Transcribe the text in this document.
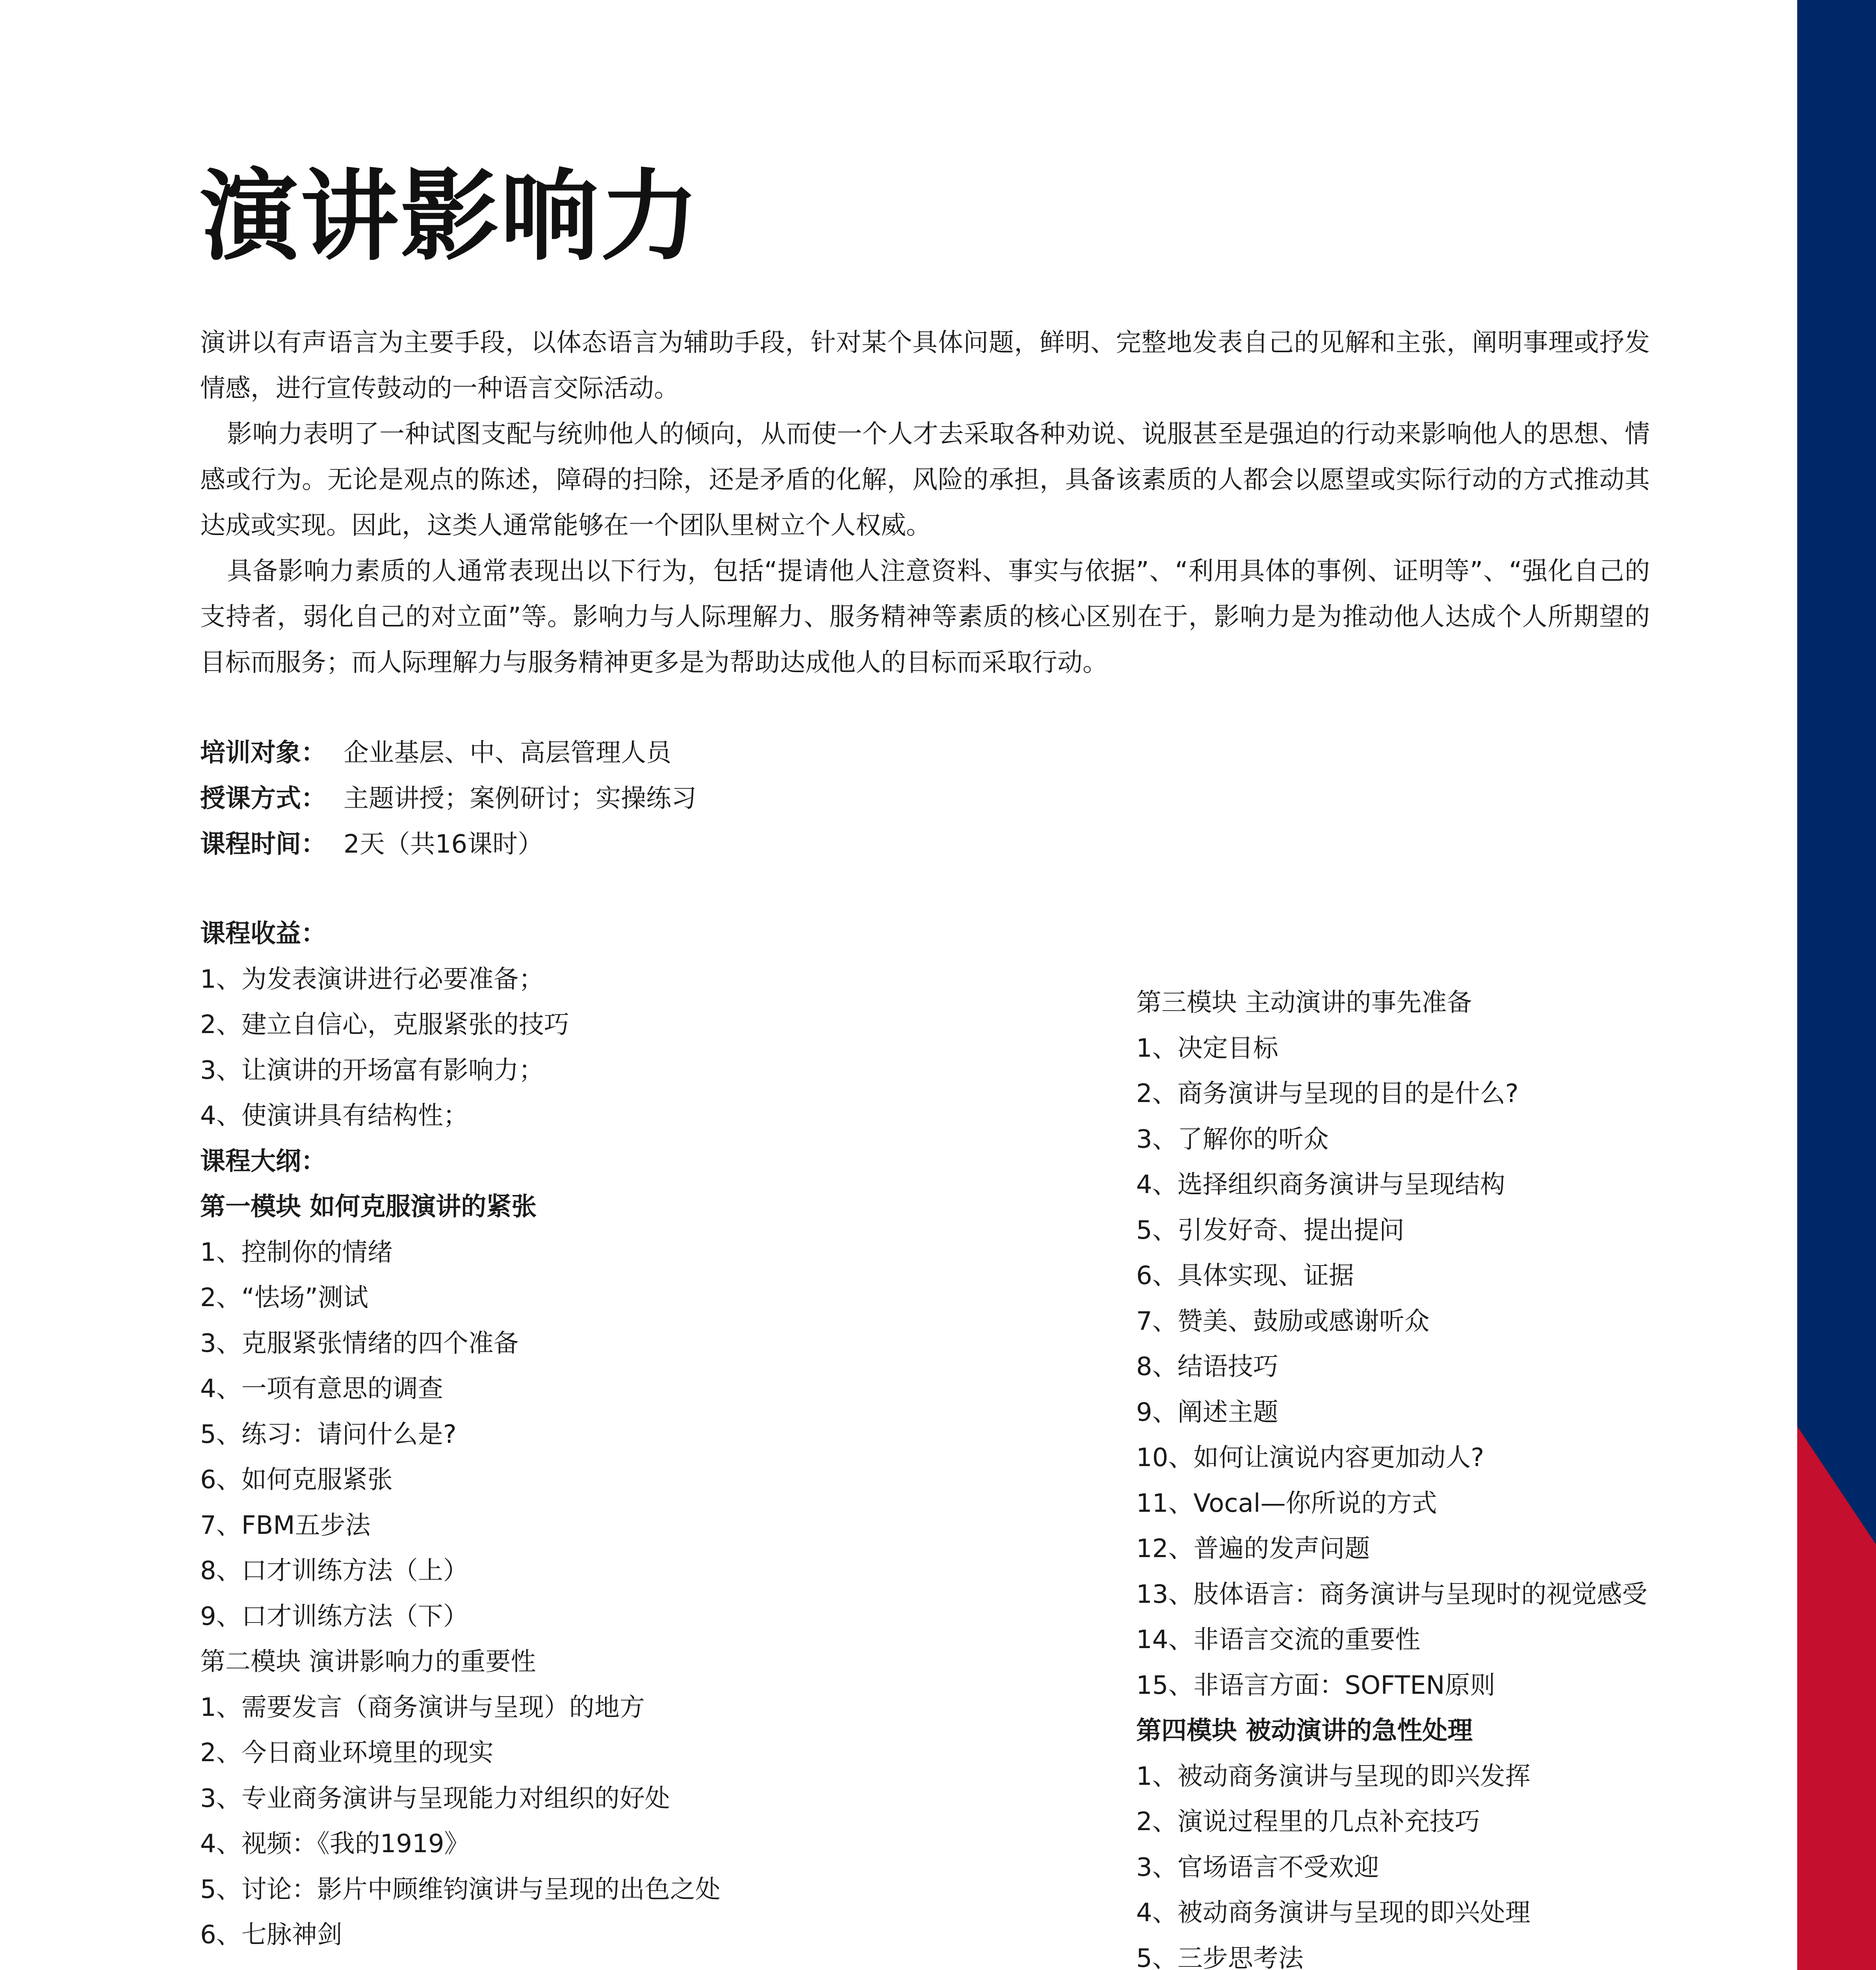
演讲影响力

演讲以有声语言为主要手段，以体态语言为辅助手段，针对某个具体问题，鲜明、完整地发表自己的见解和主张，阐明事理或抒发情感，进行宣传鼓动的一种语言交际活动。

影响力表明了一种试图支配与统帅他人的倾向，从而使一个人才去采取各种劝说、说服甚至是强迫的行动来影响他人的思想、情感或行为。无论是观点的陈述，障碍的扫除，还是矛盾的化解，风险的承担，具备该素质的人都会以愿望或实际行动的方式推动其达成或实现。因此，这类人通常能够在一个团队里树立个人权威。

具备影响力素质的人通常表现出以下行为，包括“提请他人注意资料、事实与依据”、“利用具体的事例、证明等”、“强化自己的支持者，弱化自己的对立面”等。影响力与人际理解力、服务精神等素质的核心区别在于，影响力是为推动他人达成个人所期望的目标而服务；而人际理解力与服务精神更多是为帮助达成他人的目标而采取行动。

培训对象： 企业基层、中、高层管理人员
授课方式： 主题讲授；案例研讨；实操练习
课程时间： 2天（共16课时）
课程收益：
1、为发表演讲进行必要准备；
2、建立自信心，克服紧张的技巧
3、让演讲的开场富有影响力；
4、使演讲具有结构性；
课程大纲：
第一模块 如何克服演讲的紧张
1、控制你的情绪
2、“怯场”测试
3、克服紧张情绪的四个准备
4、一项有意思的调查
5、练习：请问什么是?
6、如何克服紧张
7、FBM五步法
8、口才训练方法（上）
9、口才训练方法（下）
第二模块 演讲影响力的重要性
1、需要发言（商务演讲与呈现）的地方
2、今日商业环境里的现实
3、专业商务演讲与呈现能力对组织的好处
4、视频：《我的1919》
5、讨论：影片中顾维钧演讲与呈现的出色之处
6、七脉神剑
第三模块 主动演讲的事先准备
1、决定目标
2、商务演讲与呈现的目的是什么?
3、了解你的听众
4、选择组织商务演讲与呈现结构
5、引发好奇、提出提问
6、具体实现、证据
7、赞美、鼓励或感谢听众
8、结语技巧
9、阐述主题
10、如何让演说内容更加动人?
11、Vocal—你所说的方式
12、普遍的发声问题
13、肢体语言：商务演讲与呈现时的视觉感受
14、非语言交流的重要性
15、非语言方面：SOFTEN原则
第四模块 被动演讲的急性处理
1、被动商务演讲与呈现的即兴发挥
2、演说过程里的几点补充技巧
3、官场语言不受欢迎
4、被动商务演讲与呈现的即兴处理
5、三步思考法
